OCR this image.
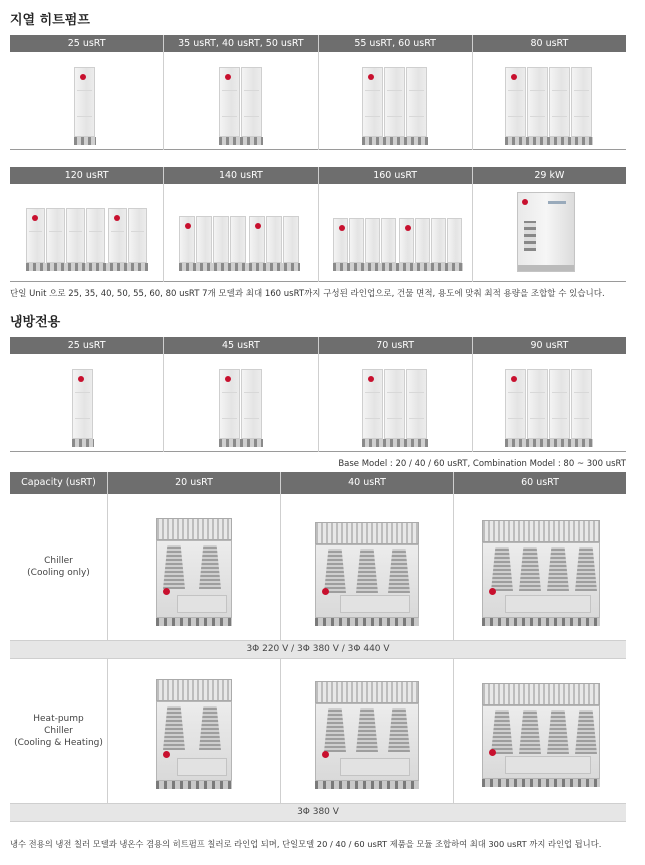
지열 히트펌프
25 usRT	35 usRT, 40 usRT, 50 usRT	55 usRT, 60 usRT	80 usRT
120 usRT	140 usRT	160 usRT	29 kW
단일 Unit 으로 25, 35, 40, 50, 55, 60, 80 usRT 7개 모델과 최대 160 usRT까지 구성된 라인업으로, 건물 면적, 용도에 맞춰 최적 용량을 조합할 수 있습니다.
냉방전용
25 usRT	45 usRT	70 usRT	90 usRT
Base Model : 20 / 40 / 60 usRT, Combination Model : 80 ~ 300 usRT
Capacity (usRT)	20 usRT	40 usRT	60 usRT
Chiller
(Cooling only)
3Φ 220 V / 3Φ 380 V / 3Φ 440 V
Heat-pump
Chiller
(Cooling & Heating)
3Φ 380 V
냉수 전용의 냉전 칠러 모델과 냉온수 겸용의 히트펌프 칠러로 라인업 되며, 단일모델 20 / 40 / 60 usRT 제품을 모듈 조합하여 최대 300 usRT 까지 라인업 됩니다.
